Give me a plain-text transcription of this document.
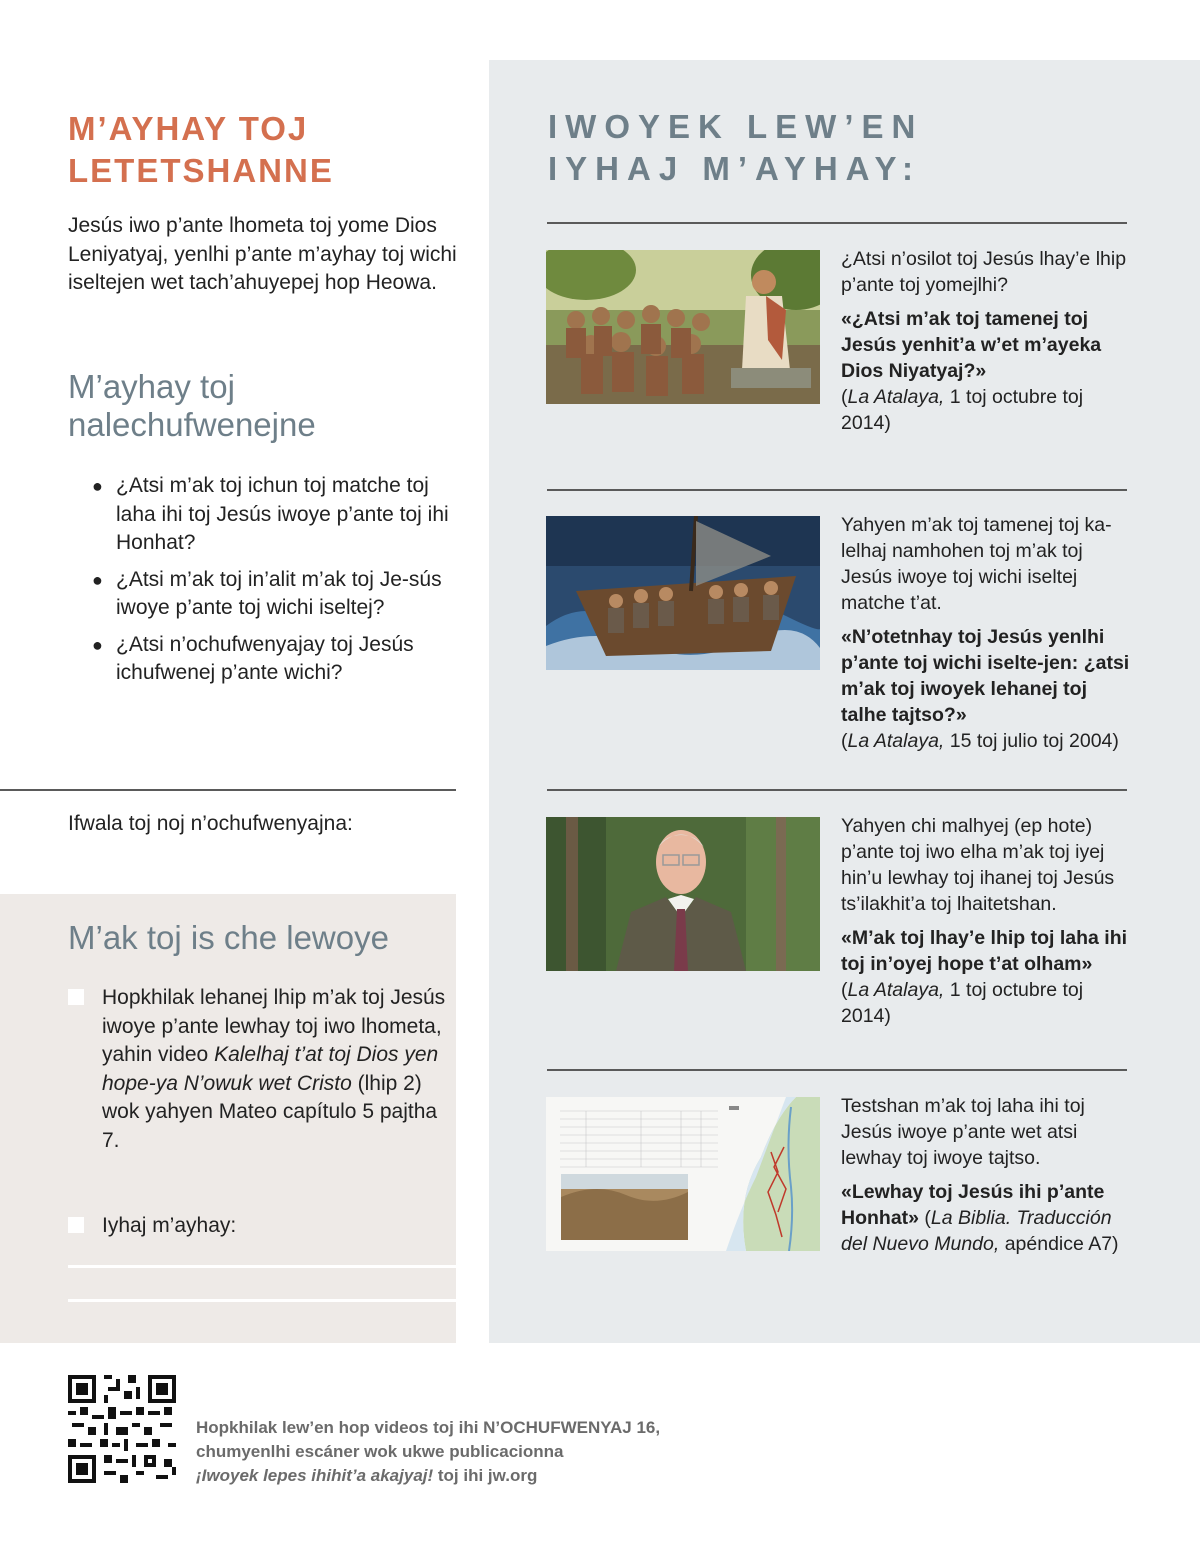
M’AYHAY TOJ
LETETSHANNE

Jesús iwo p’ante lhometa toj yome Dios Leniyatyaj, yenlhi p’ante m’ayhay toj wichi iseltejen wet tach’ahuyepej hop Heowa.

M’ayhay toj
nalechufwenejne
● ¿Atsi m’ak toj ichun toj matche toj laha ihi toj Jesús iwoye p’ante toj ihi Honhat?
● ¿Atsi m’ak toj in’alit m’ak toj Je-sús iwoye p’ante toj wichi iseltej?
● ¿Atsi n’ochufwenyajay toj Jesús ichufwenej p’ante wichi?
Ifwala toj noj n’ochufwenyajna:
M’ak toj is che lewoye

Hopkhilak lehanej lhip m’ak toj Jesús iwoye p’ante lewhay toj iwo lhometa, yahin video Kalelhaj t’at toj Dios yen hope-ya N’owuk wet Cristo (lhip 2) wok yahyen Mateo capítulo 5 pajtha 7.

Iyhaj m’ayhay:

IWOYEK LEW’EN
IYHAJ M’AYHAY:

¿Atsi n’osilot toj Jesús lhay’e lhip p’ante toj yomejlhi?

«¿Atsi m’ak toj tamenej toj Jesús yenhit’a w’et m’ayeka Dios Niyatyaj?»
(La Atalaya, 1 toj octubre toj 2014)

Yahyen m’ak toj tamenej toj ka-lelhaj namhohen toj m’ak toj Jesús iwoye toj wichi iseltej matche t’at.

«N’otetnhay toj Jesús yenlhi p’ante toj wichi iselte-jen: ¿atsi m’ak toj iwoyek lehanej toj talhe tajtso?»
(La Atalaya, 15 toj julio toj 2004)

Yahyen chi malhyej (ep hote) p’ante toj iwo elha m’ak toj iyej hin’u lewhay toj ihanej toj Jesús ts’ilakhit’a toj lhaitetshan.

«M’ak toj lhay’e lhip toj laha ihi toj in’oyej hope t’at olham»
(La Atalaya, 1 toj octubre toj 2014)

Testshan m’ak toj laha ihi toj Jesús iwoye p’ante wet atsi lewhay toj iwoye tajtso.

«Lewhay toj Jesús ihi p’ante Honhat» (La Biblia. Traducción del Nuevo Mundo, apéndice A7)

Hopkhilak lew’en hop videos toj ihi N’OCHUFWENYAJ 16,
chumyenlhi escáner wok ukwe publicacionna
¡Iwoyek lepes ihihit’a akajyaj! toj ihi jw.org
